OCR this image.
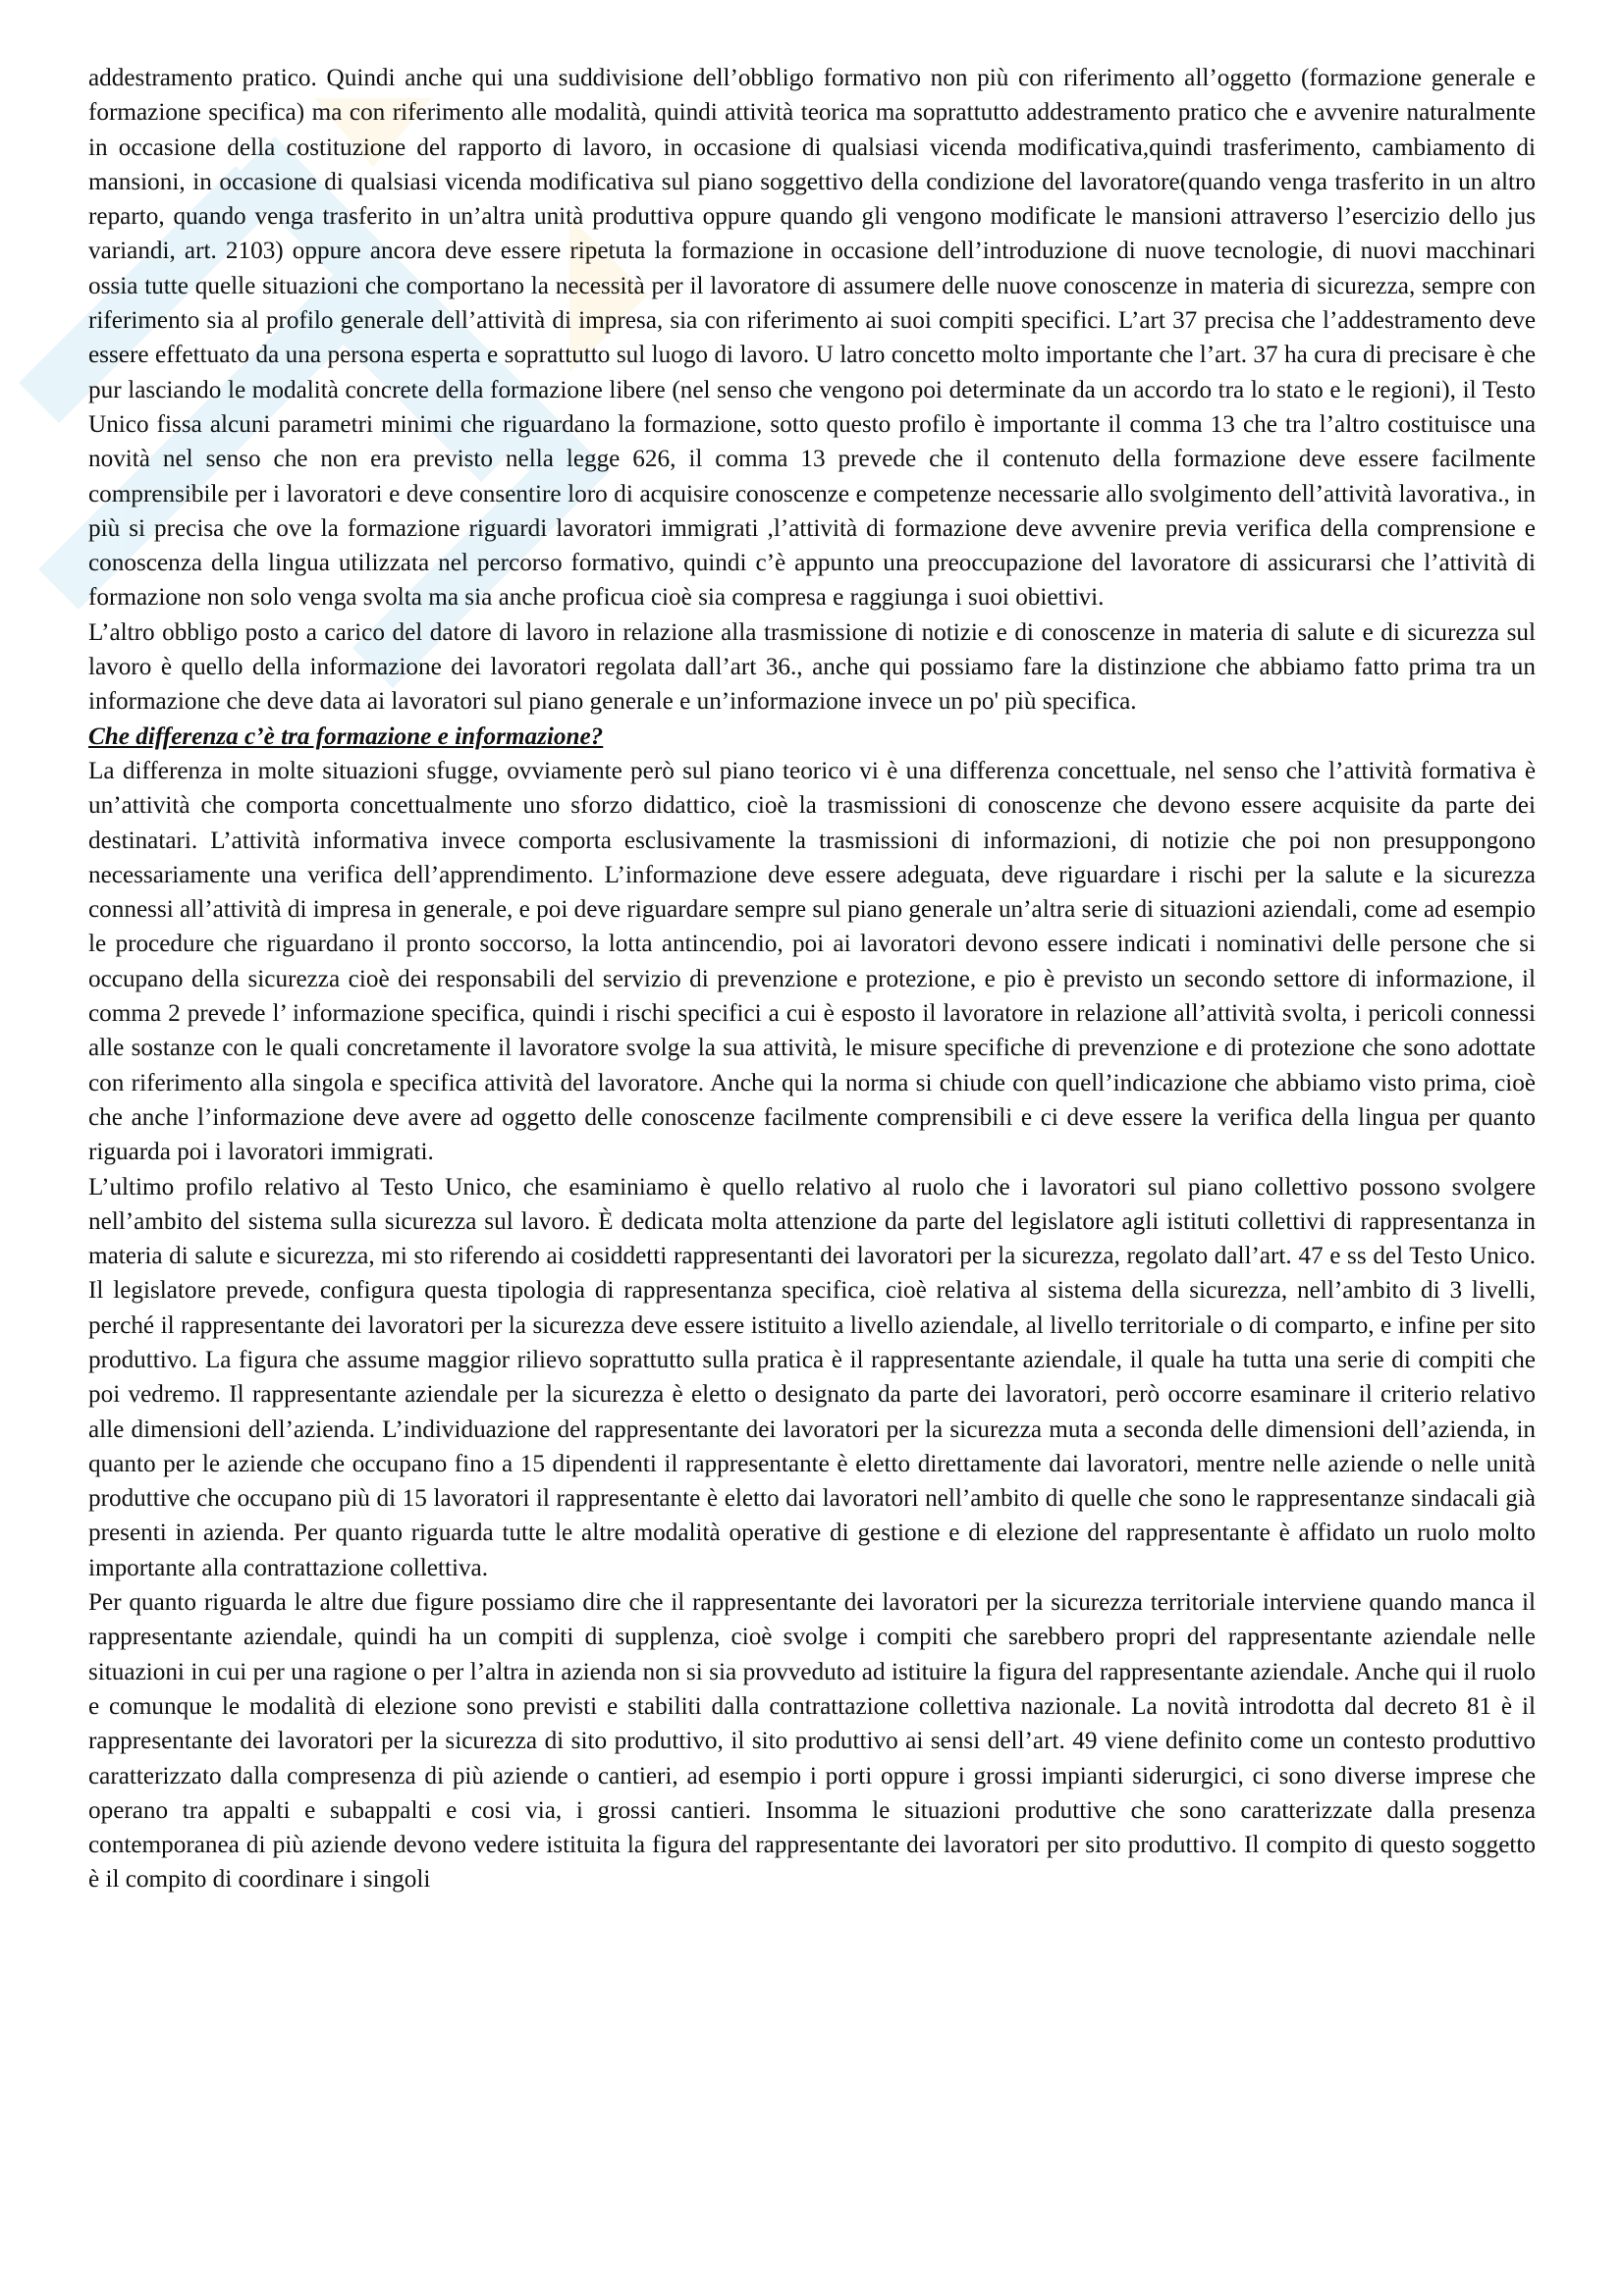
addestramento pratico. Quindi anche qui una suddivisione dell’obbligo formativo non più con riferimento all’oggetto (formazione generale e formazione specifica) ma con riferimento alle modalità, quindi attività teorica ma soprattutto addestramento pratico che e avvenire naturalmente in occasione della costituzione del rapporto di lavoro, in occasione di qualsiasi vicenda modificativa,quindi trasferimento, cambiamento di mansioni, in occasione di qualsiasi vicenda modificativa sul piano soggettivo della condizione del lavoratore(quando venga trasferito in un altro reparto, quando venga trasferito in un’altra unità produttiva oppure quando gli vengono modificate le mansioni attraverso l’esercizio dello jus variandi, art. 2103) oppure ancora deve essere ripetuta la formazione in occasione dell’introduzione di nuove tecnologie, di nuovi macchinari ossia tutte quelle situazioni che comportano la necessità per il lavoratore di assumere delle nuove conoscenze in materia di sicurezza, sempre con riferimento sia al profilo generale dell’attività di impresa, sia con riferimento ai suoi compiti specifici. L’art 37 precisa che l’addestramento deve essere effettuato da una persona esperta e soprattutto sul luogo di lavoro. U latro concetto molto importante che l’art. 37 ha cura di precisare è che pur lasciando le modalità concrete della formazione libere (nel senso che vengono poi determinate da un accordo tra lo stato e le regioni), il Testo Unico fissa alcuni parametri minimi che riguardano la formazione, sotto questo profilo è importante il comma 13 che tra l’altro costituisce una novità nel senso che non era previsto nella legge 626, il comma 13 prevede che il contenuto della formazione deve essere facilmente comprensibile per i lavoratori e deve consentire loro di acquisire conoscenze e competenze necessarie allo svolgimento dell’attività lavorativa., in più si precisa che ove la formazione riguardi lavoratori immigrati ,l’attività di formazione deve avvenire previa verifica della comprensione e conoscenza della lingua utilizzata nel percorso formativo, quindi c’è appunto una preoccupazione del lavoratore di assicurarsi che l’attività di formazione non solo venga svolta ma sia anche proficua cioè sia compresa e raggiunga i suoi obiettivi.

L’altro obbligo posto a carico del datore di lavoro in relazione alla trasmissione di notizie e di conoscenze in materia di salute e di sicurezza sul lavoro è quello della informazione dei lavoratori regolata dall’art 36., anche qui possiamo fare la distinzione che abbiamo fatto prima tra un informazione che deve data ai lavoratori sul piano generale e un’informazione invece un po' più specifica.

Che differenza c’è tra formazione e informazione?

La differenza in molte situazioni sfugge, ovviamente però sul piano teorico vi è una differenza concettuale, nel senso che l’attività formativa è un’attività che comporta concettualmente uno sforzo didattico, cioè la trasmissioni di conoscenze che devono essere acquisite da parte dei destinatari. L’attività informativa invece comporta esclusivamente la trasmissioni di informazioni, di notizie che poi non presuppongono necessariamente una verifica dell’apprendimento. L’informazione deve essere adeguata, deve riguardare i rischi per la salute e la sicurezza connessi all’attività di impresa in generale, e poi deve riguardare sempre sul piano generale un’altra serie di situazioni aziendali, come ad esempio le procedure che riguardano il pronto soccorso, la lotta antincendio, poi ai lavoratori devono essere indicati i nominativi delle persone che si occupano della sicurezza cioè dei responsabili del servizio di prevenzione e protezione, e pio è previsto un secondo settore di informazione, il comma 2 prevede l’ informazione specifica, quindi i rischi specifici a cui è esposto il lavoratore in relazione all’attività svolta, i pericoli connessi alle sostanze con le quali concretamente il lavoratore svolge la sua attività, le misure specifiche di prevenzione e di protezione che sono adottate con riferimento alla singola e specifica attività del lavoratore. Anche qui la norma si chiude con quell’indicazione che abbiamo visto prima, cioè che anche l’informazione deve avere ad oggetto delle conoscenze facilmente comprensibili e ci deve essere la verifica della lingua per quanto riguarda poi i lavoratori immigrati.

L’ultimo profilo relativo al Testo Unico, che esaminiamo è quello relativo al ruolo che i lavoratori sul piano collettivo possono svolgere nell’ambito del sistema sulla sicurezza sul lavoro. È dedicata molta attenzione da parte del legislatore agli istituti collettivi di rappresentanza in materia di salute e sicurezza, mi sto riferendo ai cosiddetti rappresentanti dei lavoratori per la sicurezza, regolato dall’art. 47 e ss del Testo Unico. Il legislatore prevede, configura questa tipologia di rappresentanza specifica, cioè relativa al sistema della sicurezza, nell’ambito di 3 livelli, perché il rappresentante dei lavoratori per la sicurezza deve essere istituito a livello aziendale, al livello territoriale o di comparto, e infine per sito produttivo. La figura che assume maggior rilievo soprattutto sulla pratica è il rappresentante aziendale, il quale ha tutta una serie di compiti che poi vedremo. Il rappresentante aziendale per la sicurezza è eletto o designato da parte dei lavoratori, però occorre esaminare il criterio relativo alle dimensioni dell’azienda. L’individuazione del rappresentante dei lavoratori per la sicurezza muta a seconda delle dimensioni dell’azienda, in quanto per le aziende che occupano fino a 15 dipendenti il rappresentante è eletto direttamente dai lavoratori, mentre nelle aziende o nelle unità produttive che occupano più di 15 lavoratori il rappresentante è eletto dai lavoratori nell’ambito di quelle che sono le rappresentanze sindacali già presenti in azienda. Per quanto riguarda tutte le altre modalità operative di gestione e di elezione del rappresentante è affidato un ruolo molto importante alla contrattazione collettiva.

Per quanto riguarda le altre due figure possiamo dire che il rappresentante dei lavoratori per la sicurezza territoriale interviene quando manca il rappresentante aziendale, quindi ha un compiti di supplenza, cioè svolge i compiti che sarebbero propri del rappresentante aziendale nelle situazioni in cui per una ragione o per l’altra in azienda non si sia provveduto ad istituire la figura del rappresentante aziendale. Anche qui il ruolo e comunque le modalità di elezione sono previsti e stabiliti dalla contrattazione collettiva nazionale. La novità introdotta dal decreto 81 è il rappresentante dei lavoratori per la sicurezza di sito produttivo, il sito produttivo ai sensi dell’art. 49 viene definito come un contesto produttivo caratterizzato dalla compresenza di più aziende o cantieri, ad esempio i porti oppure i grossi impianti siderurgici, ci sono diverse imprese che operano tra appalti e subappalti e cosi via, i grossi cantieri. Insomma le situazioni produttive che sono caratterizzate dalla presenza contemporanea di più aziende devono vedere istituita la figura del rappresentante dei lavoratori per sito produttivo. Il compito di questo soggetto è il compito di coordinare i singoli
